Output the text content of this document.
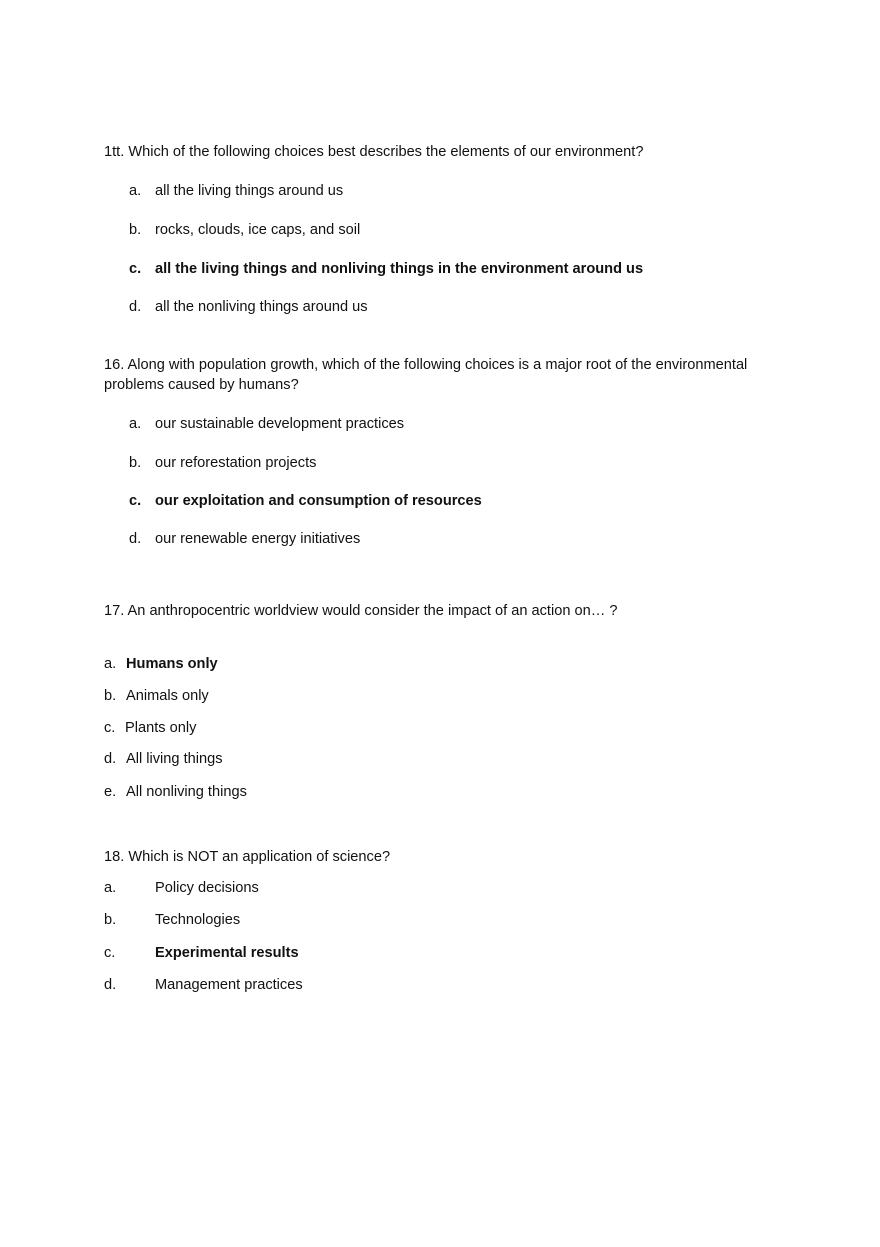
1tt. Which of the following choices best describes the elements of our environment?
a. all the living things around us
b. rocks, clouds, ice caps, and soil
c. all the living things and nonliving things in the environment around us
d. all the nonliving things around us
16. Along with population growth, which of the following choices is a major root of the environmental problems caused by humans?
a. our sustainable development practices
b. our reforestation projects
c. our exploitation and consumption of resources
d. our renewable energy initiatives
17. An anthropocentric worldview would consider the impact of an action on… ?
a. Humans only
b. Animals only
c. Plants only
d. All living things
e. All nonliving things
18. Which is NOT an application of science?
a.	Policy decisions
b.	Technologies
c.	Experimental results
d.	Management practices
